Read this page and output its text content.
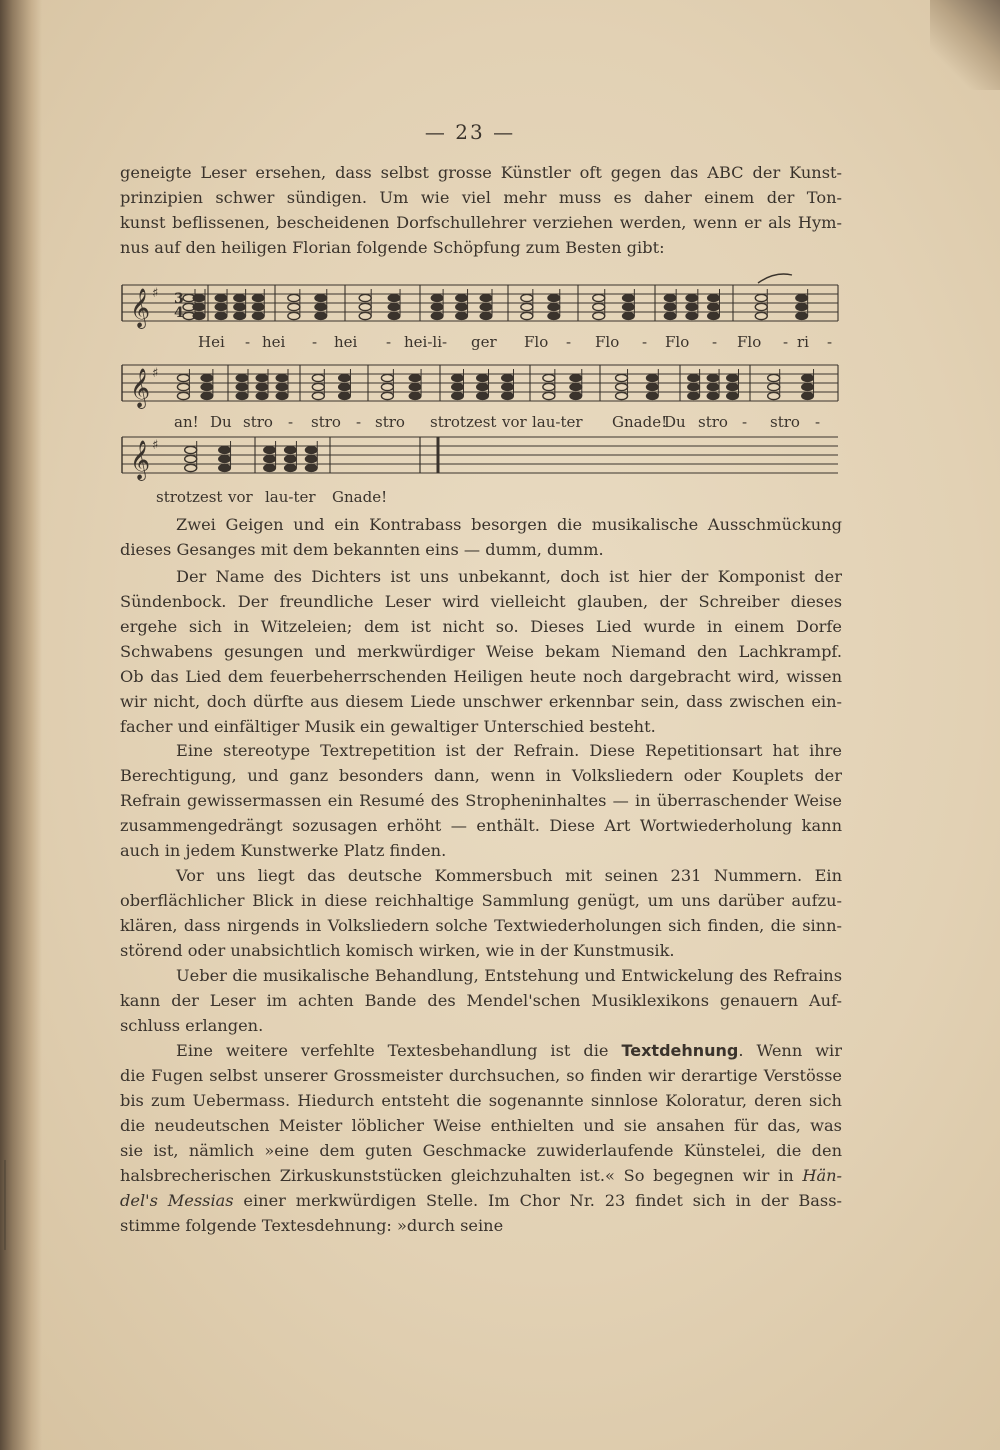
— 23 —
geneigte Leser ersehen, dass selbst grosse Künstler oft gegen das ABC der Kunst-
prinzipien schwer sündigen. Um wie viel mehr muss es daher einem der Ton-
kunst beflissenen, bescheidenen Dorfschullehrer verziehen werden, wenn er als Hym-
nus auf den heiligen Florian folgende Schöpfung zum Besten gibt:
𝄞 ♯
𝄞 ♯
𝄞 ♯
3
4
Hei - hei - hei - hei-li- ger Flo - Flo - Flo - Flo - ri -
an! Du stro - stro - stro strotzest vor lau-ter Gnade!
Du stro - stro -
strotzest vor lau-ter Gnade!
Zwei Geigen und ein Kontrabass besorgen die musikalische Ausschmückung
dieses Gesanges mit dem bekannten eins — dumm, dumm.
Der Name des Dichters ist uns unbekannt, doch ist hier der Komponist der
Sündenbock. Der freundliche Leser wird vielleicht glauben, der Schreiber dieses
ergehe sich in Witzeleien; dem ist nicht so. Dieses Lied wurde in einem Dorfe
Schwabens gesungen und merkwürdiger Weise bekam Niemand den Lachkrampf.
Ob das Lied dem feuerbeherrschenden Heiligen heute noch dargebracht wird, wissen
wir nicht, doch dürfte aus diesem Liede unschwer erkennbar sein, dass zwischen ein-
facher und einfältiger Musik ein gewaltiger Unterschied besteht.
Eine stereotype Textrepetition ist der Refrain. Diese Repetitionsart hat ihre
Berechtigung, und ganz besonders dann, wenn in Volksliedern oder Kouplets der
Refrain gewissermassen ein Resumé des Stropheninhaltes — in überraschender Weise
zusammengedrängt sozusagen erhöht — enthält. Diese Art Wortwiederholung kann
auch in jedem Kunstwerke Platz finden.
Vor uns liegt das deutsche Kommersbuch mit seinen 231 Nummern. Ein
oberflächlicher Blick in diese reichhaltige Sammlung genügt, um uns darüber aufzu-
klären, dass nirgends in Volksliedern solche Textwiederholungen sich finden, die sinn-
störend oder unabsichtlich komisch wirken, wie in der Kunstmusik.
Ueber die musikalische Behandlung, Entstehung und Entwickelung des Refrains
kann der Leser im achten Bande des Mendel'schen Musiklexikons genauern Auf-
schluss erlangen.
Eine weitere verfehlte Textesbehandlung ist die Textdehnung. Wenn wir
die Fugen selbst unserer Grossmeister durchsuchen, so finden wir derartige Verstösse
bis zum Uebermass. Hiedurch entsteht die sogenannte sinnlose Koloratur, deren sich
die neudeutschen Meister löblicher Weise enthielten und sie ansahen für das, was
sie ist, nämlich »eine dem guten Geschmacke zuwiderlaufende Künstelei, die den
halsbrecherischen Zirkuskunststücken gleichzuhalten ist.« So begegnen wir in Hän-
del's Messias einer merkwürdigen Stelle. Im Chor Nr. 23 findet sich in der Bass-
stimme folgende Textesdehnung: »durch seine
